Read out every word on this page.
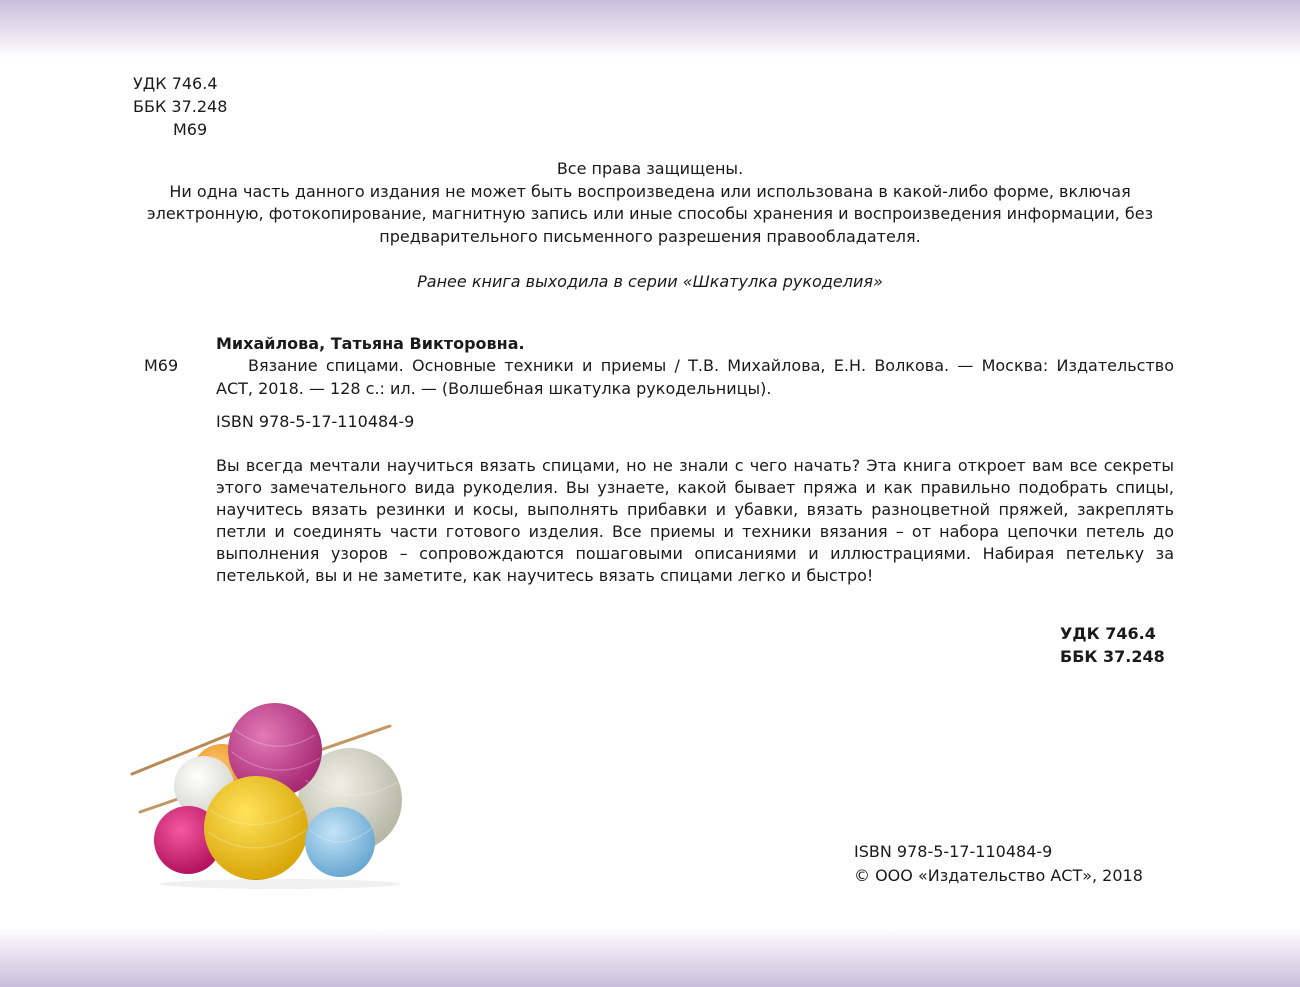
УДК 746.4
ББК 37.248
М69
Все права защищены.
Ни одна часть данного издания не может быть воспроизведена или использована в какой-либо форме, включая
электронную, фотокопирование, магнитную запись или иные способы хранения и воспроизведения информации, без
предварительного письменного разрешения правообладателя.
Ранее книга выходила в серии «Шкатулка рукоделия»
Михайлова, Татьяна Викторовна.
М69	Вязание спицами. Основные техники и приемы / Т.В. Михайлова, Е.Н. Волкова. — Москва: Издательство АСТ, 2018. — 128 с.: ил. — (Волшебная шкатулка рукодельницы).
ISBN 978-5-17-110484-9
Вы всегда мечтали научиться вязать спицами, но не знали с чего начать? Эта книга откроет вам все секреты этого замечательного вида рукоделия. Вы узнаете, какой бывает пряжа и как правильно подобрать спицы, научитесь вязать резинки и косы, выполнять прибавки и убавки, вязать разноцветной пряжей, закреплять петли и соединять части готового изделия. Все приемы и техники вязания – от набора цепочки петель до выполнения узоров – сопровождаются пошаговыми описаниями и иллюстрациями. Набирая петельку за петелькой, вы и не заметите, как научитесь вязать спицами легко и быстро!
УДК 746.4
ББК 37.248
ISBN 978-5-17-110484-9
© ООО «Издательство АСТ», 2018
